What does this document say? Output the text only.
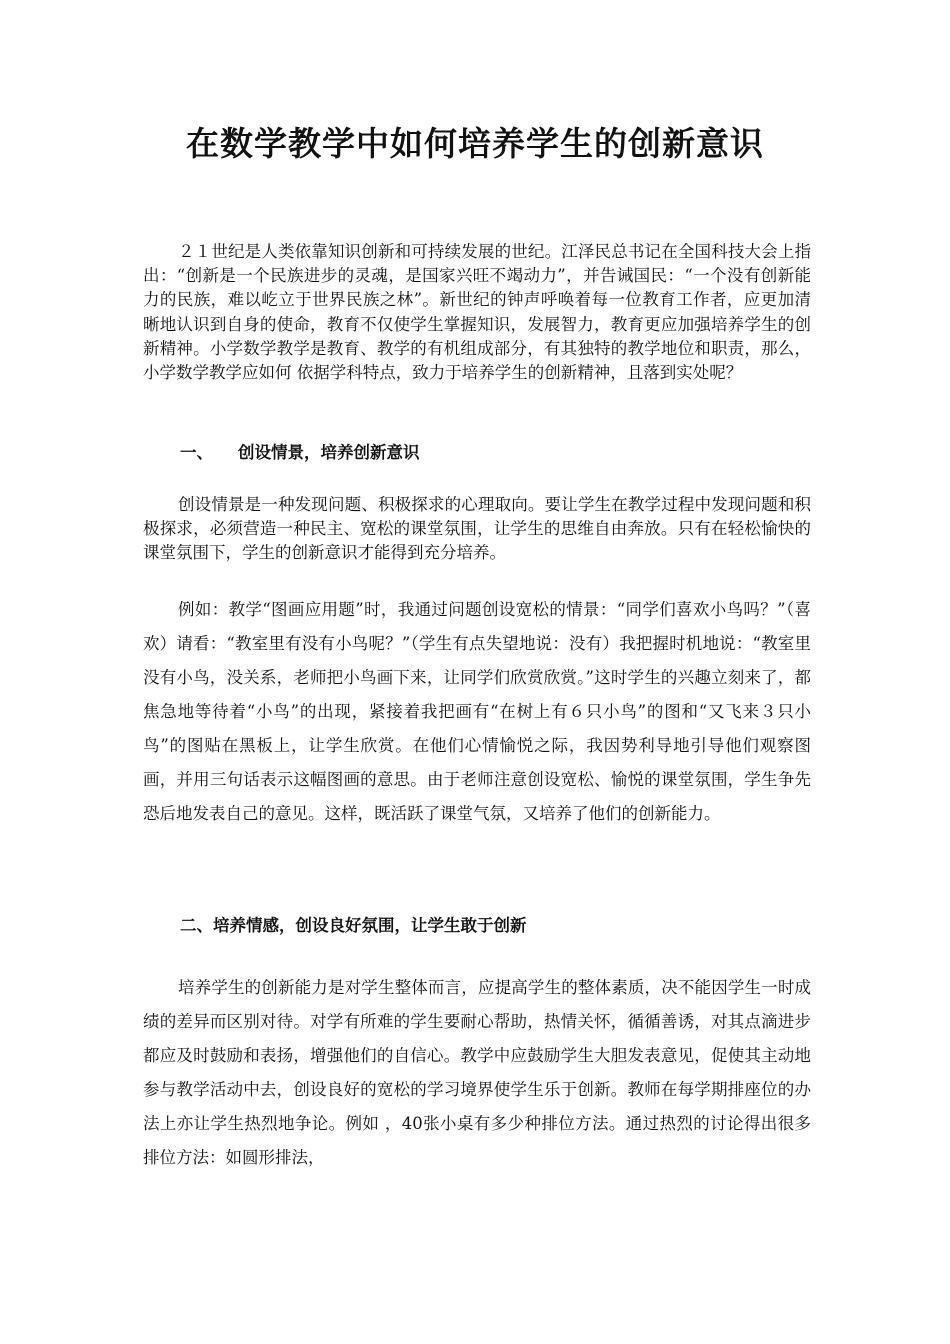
在数学教学中如何培养学生的创新意识

２１世纪是人类依靠知识创新和可持续发展的世纪。江泽民总书记在全国科技大会上指出：“创新是一个民族进步的灵魂，是国家兴旺不竭动力”，并告诫国民：“一个没有创新能力的民族，难以屹立于世界民族之林”。新世纪的钟声呼唤着每一位教育工作者，应更加清晰地认识到自身的使命，教育不仅使学生掌握知识，发展智力，教育更应加强培养学生的创新精神。小学数学教学是教育、教学的有机组成部分，有其独特的教学地位和职责，那么，小学数学教学应如何 依据学科特点，致力于培养学生的创新精神，且落到实处呢？

一、 创设情景，培养创新意识

创设情景是一种发现问题、积极探求的心理取向。要让学生在教学过程中发现问题和积极探求，必须营造一种民主、宽松的课堂氛围，让学生的思维自由奔放。只有在轻松愉快的课堂氛围下，学生的创新意识才能得到充分培养。

例如：教学“图画应用题”时，我通过问题创设宽松的情景：“同学们喜欢小鸟吗？”（喜欢）请看：“教室里有没有小鸟呢？”（学生有点失望地说：没有）我把握时机地说：“教室里没有小鸟，没关系，老师把小鸟画下来，让同学们欣赏欣赏。”这时学生的兴趣立刻来了，都焦急地等待着“小鸟”的出现，紧接着我把画有“在树上有６只小鸟”的图和“又飞来３只小鸟”的图贴在黑板上，让学生欣赏。在他们心情愉悦之际，我因势利导地引导他们观察图画，并用三句话表示这幅图画的意思。由于老师注意创设宽松、愉悦的课堂氛围，学生争先恐后地发表自己的意见。这样，既活跃了课堂气氛，又培养了他们的创新能力。

二、培养情感，创设良好氛围，让学生敢于创新

培养学生的创新能力是对学生整体而言，应提高学生的整体素质，决不能因学生一时成绩的差异而区别对待。对学有所难的学生要耐心帮助，热情关怀，循循善诱，对其点滴进步都应及时鼓励和表扬，增强他们的自信心。教学中应鼓励学生大胆发表意见，促使其主动地参与教学活动中去，创设良好的宽松的学习境界使学生乐于创新。教师在每学期排座位的办法上亦让学生热烈地争论。例如 ，40张小桌有多少种排位方法。通过热烈的讨论得出很多排位方法：如圆形排法，
